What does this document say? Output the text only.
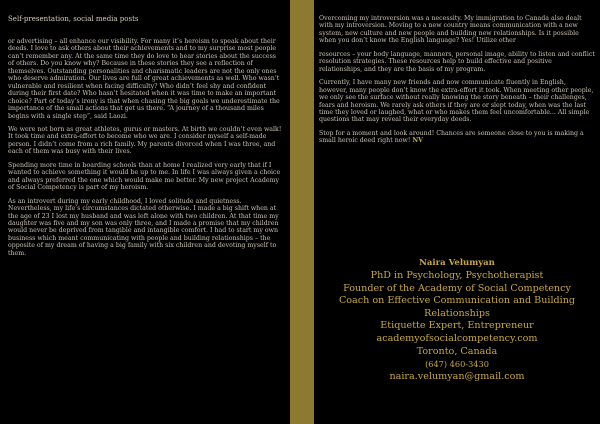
Self-presentation, social media posts

or advertising – all enhance our visibility. For many it’s heroism to speak about their deeds. I love to ask others about their achievements and to my surprise most people can’t remember any. At the same time they do love to hear stories about the success of others. Do you know why? Because in these stories they see a reflection of themselves. Outstanding personalities and charismatic leaders are not the only ones who deserve admiration. Our lives are full of great achievements as well. Who wasn’t vulnerable and resilient when facing difficulty? Who didn’t feel shy and confident during their first date? Who hasn’t hesitated when it was time to make an important choice? Part of today’s irony is that when chasing the big goals we underestimate the importance of the small actions that get us there. “A journey of a thousand miles begins with a single step”, said Laozi.

We were not born as great athletes, gurus or masters. At birth we couldn’t even walk! It took time and extra-effort to become who we are. I consider myself a self-made person. I didn’t come from a rich family. My parents divorced when I was three, and each of them was busy with their lives.

Spending more time in boarding schools than at home I realized very early that if I wanted to achieve something it would be up to me. In life I was always given a choice and always preferred the one which would make me better. My new project Academy of Social Competency is part of my heroism.

As an introvert during my early childhood, I loved solitude and quietness. Nevertheless, my life’s circumstances dictated otherwise. I made a big shift when at the age of 23 I lost my husband and was left alone with two children. At that time my daughter was five and my son was only three, and I made a promise that my children would never be deprived from tangible and intangible comfort. I had to start my own business which meant communicating with people and building relationships – the opposite of my dream of having a big family with six children and devoting myself to them.

Overcoming my introversion was a necessity. My immigration to Canada also dealt with my introversion. Moving to a new country means communication with a new system, new culture and new people and building new relationships. Is it possible when you don’t know the English language? Yes! Utilize other

resources – your body language, manners, personal image, ability to listen and conflict resolution strategies. These resources help to build effective and positive relationships, and they are the basis of my program.

Currently, I have many new friends and now communicate fluently in English, however, many people don’t know the extra-effort it took. When meeting other people, we only see the surface without really knowing the story beneath – their challenges, fears and heroism. We rarely ask others if they are or slept today, when was the last time they loved or laughed, what or who makes them feel uncomfortable... All simple questions that may reveal their everyday deeds.

Stop for a moment and look around! Chances are someone close to you is making a small heroic deed right now! NV

Naira Velumyan

PhD in Psychology, Psychotherapist

Founder of the Academy of Social Competency

Coach on Effective Communication and Building Relationships

Etiquette Expert, Entrepreneur

academyofsocialcompetency.com

Toronto, Canada

(647) 460-3430

naira.velumyan@gmail.com
